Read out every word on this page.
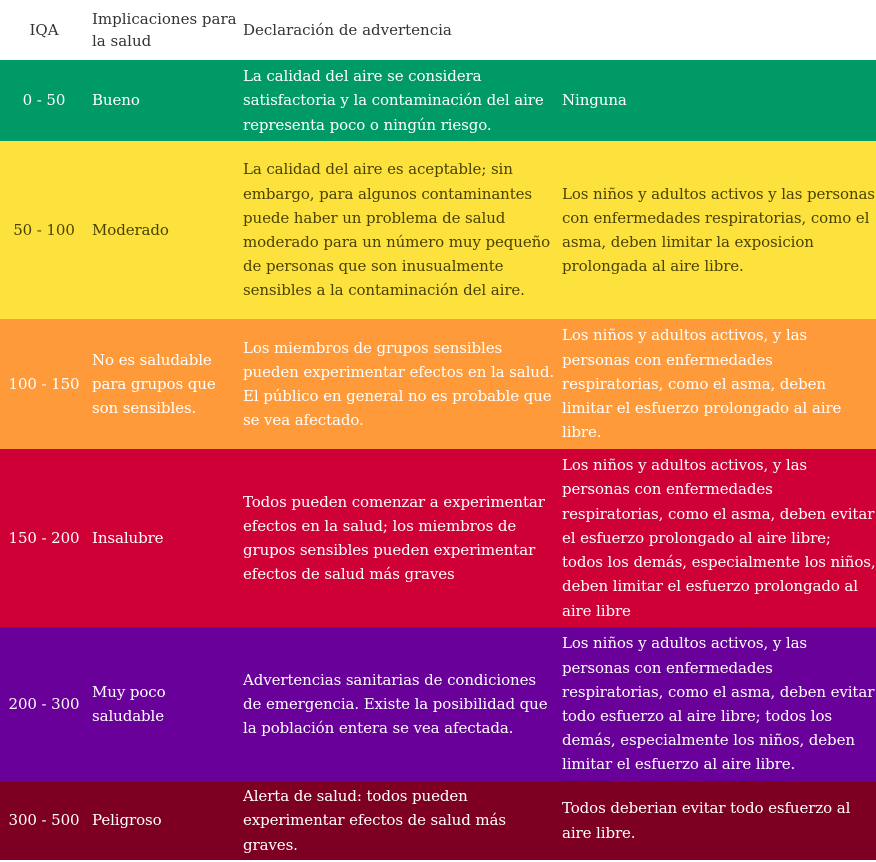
IQA	Implicaciones para la salud	Declaración de advertencia	
0 - 50	Bueno	La calidad del aire se considera satisfactoria y la contaminación del aire representa poco o ningún riesgo.	Ninguna
50 - 100	Moderado	La calidad del aire es aceptable; sin embargo, para algunos contaminantes puede haber un problema de salud moderado para un número muy pequeño de personas que son inusualmente sensibles a la contaminación del aire.	Los niños y adultos activos y las personas con enfermedades respiratorias, como el asma, deben limitar la exposicion prolongada al aire libre.
100 - 150	No es saludable para grupos que son sensibles.	Los miembros de grupos sensibles pueden experimentar efectos en la salud. El público en general no es probable que se vea afectado.	Los niños y adultos activos, y las personas con enfermedades respiratorias, como el asma, deben limitar el esfuerzo prolongado al aire libre.
150 - 200	Insalubre	Todos pueden comenzar a experimentar efectos en la salud; los miembros de grupos sensibles pueden experimentar efectos de salud más graves	Los niños y adultos activos, y las personas con enfermedades respiratorias, como el asma, deben evitar el esfuerzo prolongado al aire libre; todos los demás, especialmente los niños, deben limitar el esfuerzo prolongado al aire libre
200 - 300	Muy poco saludable	Advertencias sanitarias de condiciones de emergencia. Existe la posibilidad que la población entera se vea afectada.	Los niños y adultos activos, y las personas con enfermedades respiratorias, como el asma, deben evitar todo esfuerzo al aire libre; todos los demás, especialmente los niños, deben limitar el esfuerzo al aire libre.
300 - 500	Peligroso	Alerta de salud: todos pueden experimentar efectos de salud más graves.	Todos deberian evitar todo esfuerzo al aire libre.
